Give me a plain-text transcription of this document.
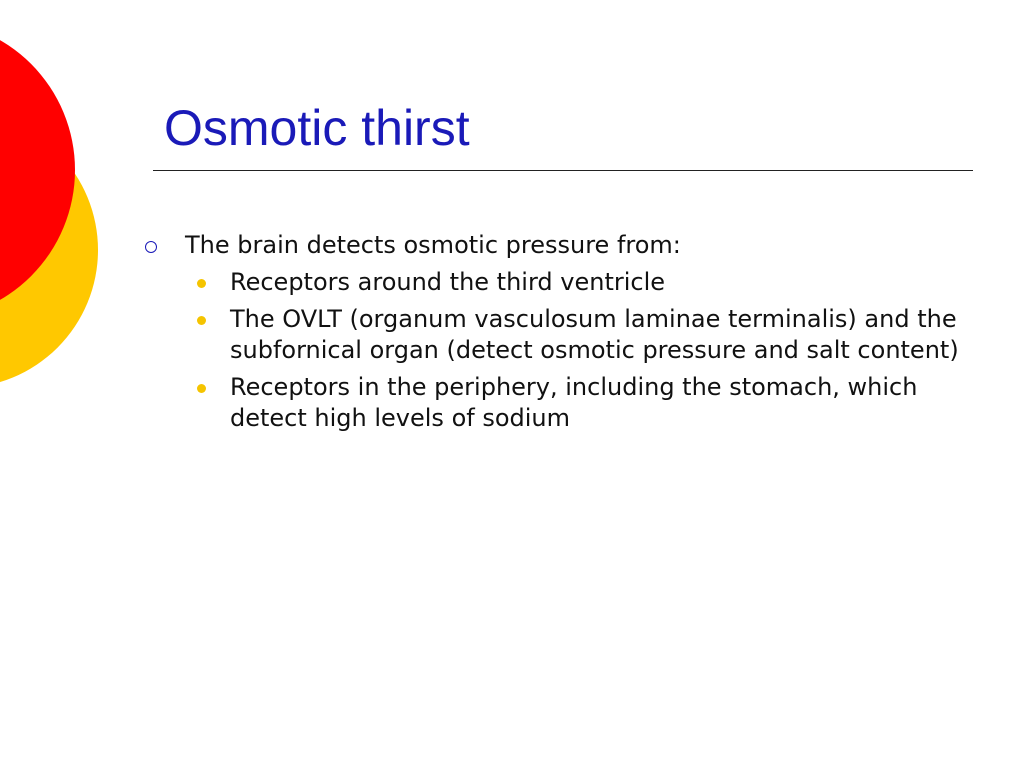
Osmotic thirst
The brain detects osmotic pressure from:
Receptors around the third ventricle
The OVLT (organum vasculosum laminae terminalis) and the subfornical organ (detect osmotic pressure and salt content)
Receptors in the periphery, including the stomach, which detect high levels of sodium
